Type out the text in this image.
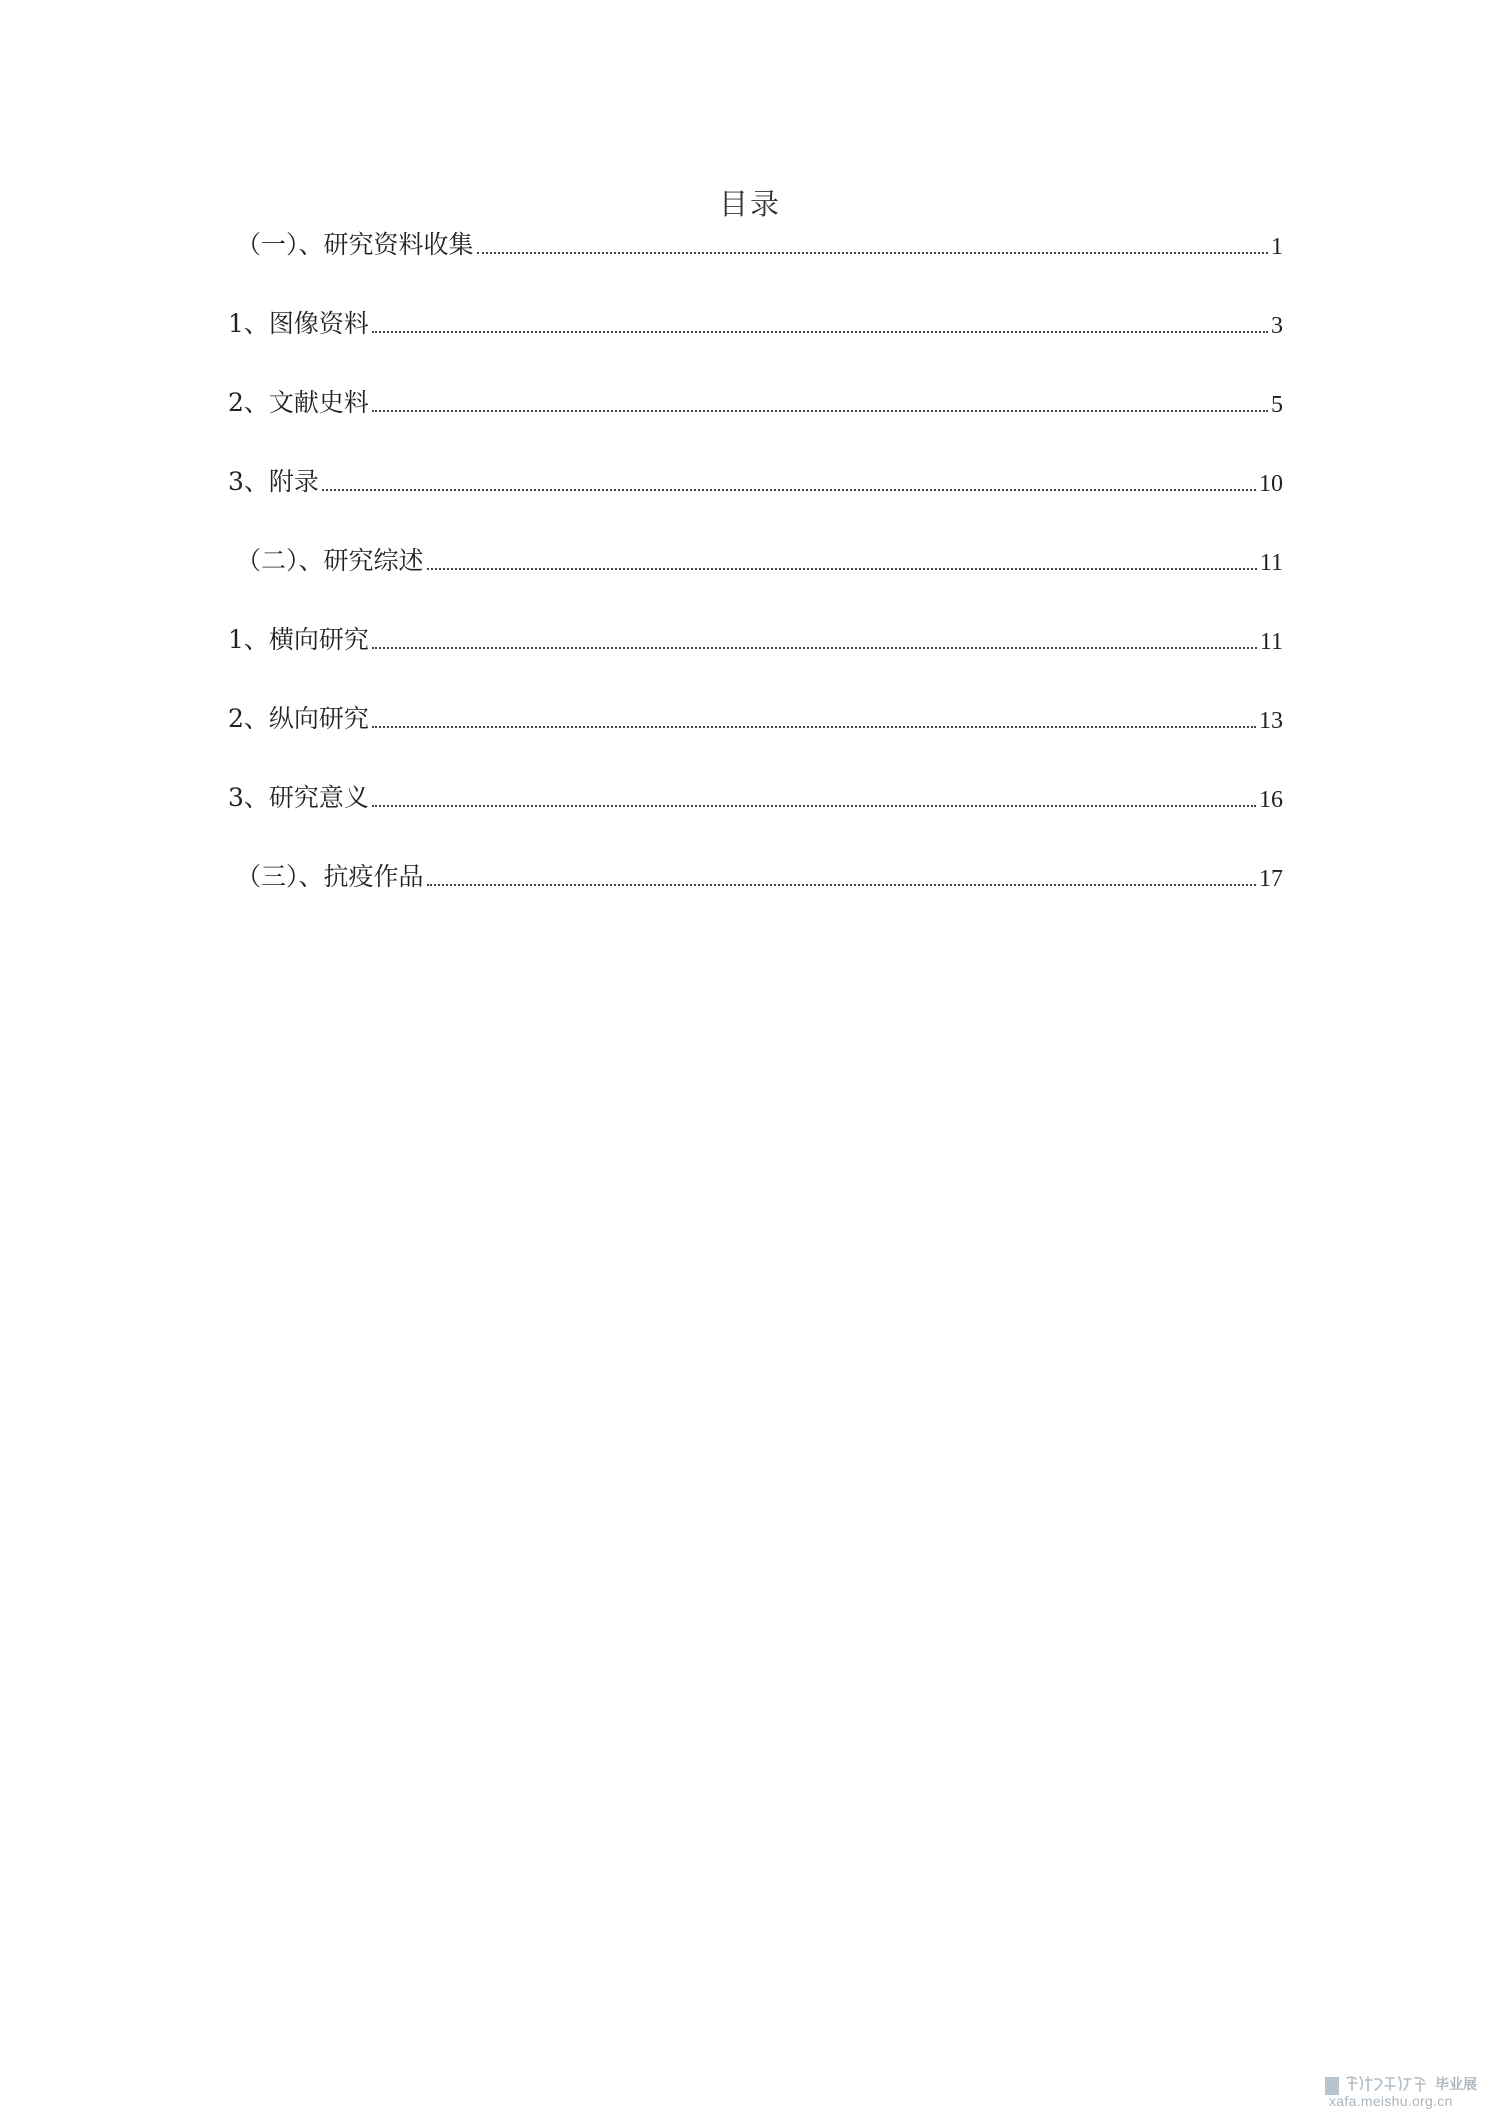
目录
（一）、研究资料收集	1
1、图像资料	3
2、文献史料	5
3、附录	10
（二）、研究综述	11
1、横向研究	11
2、纵向研究	13
3、研究意义	16
（三）、抗疫作品	17
毕业展
xafa.meishu.org.cn
